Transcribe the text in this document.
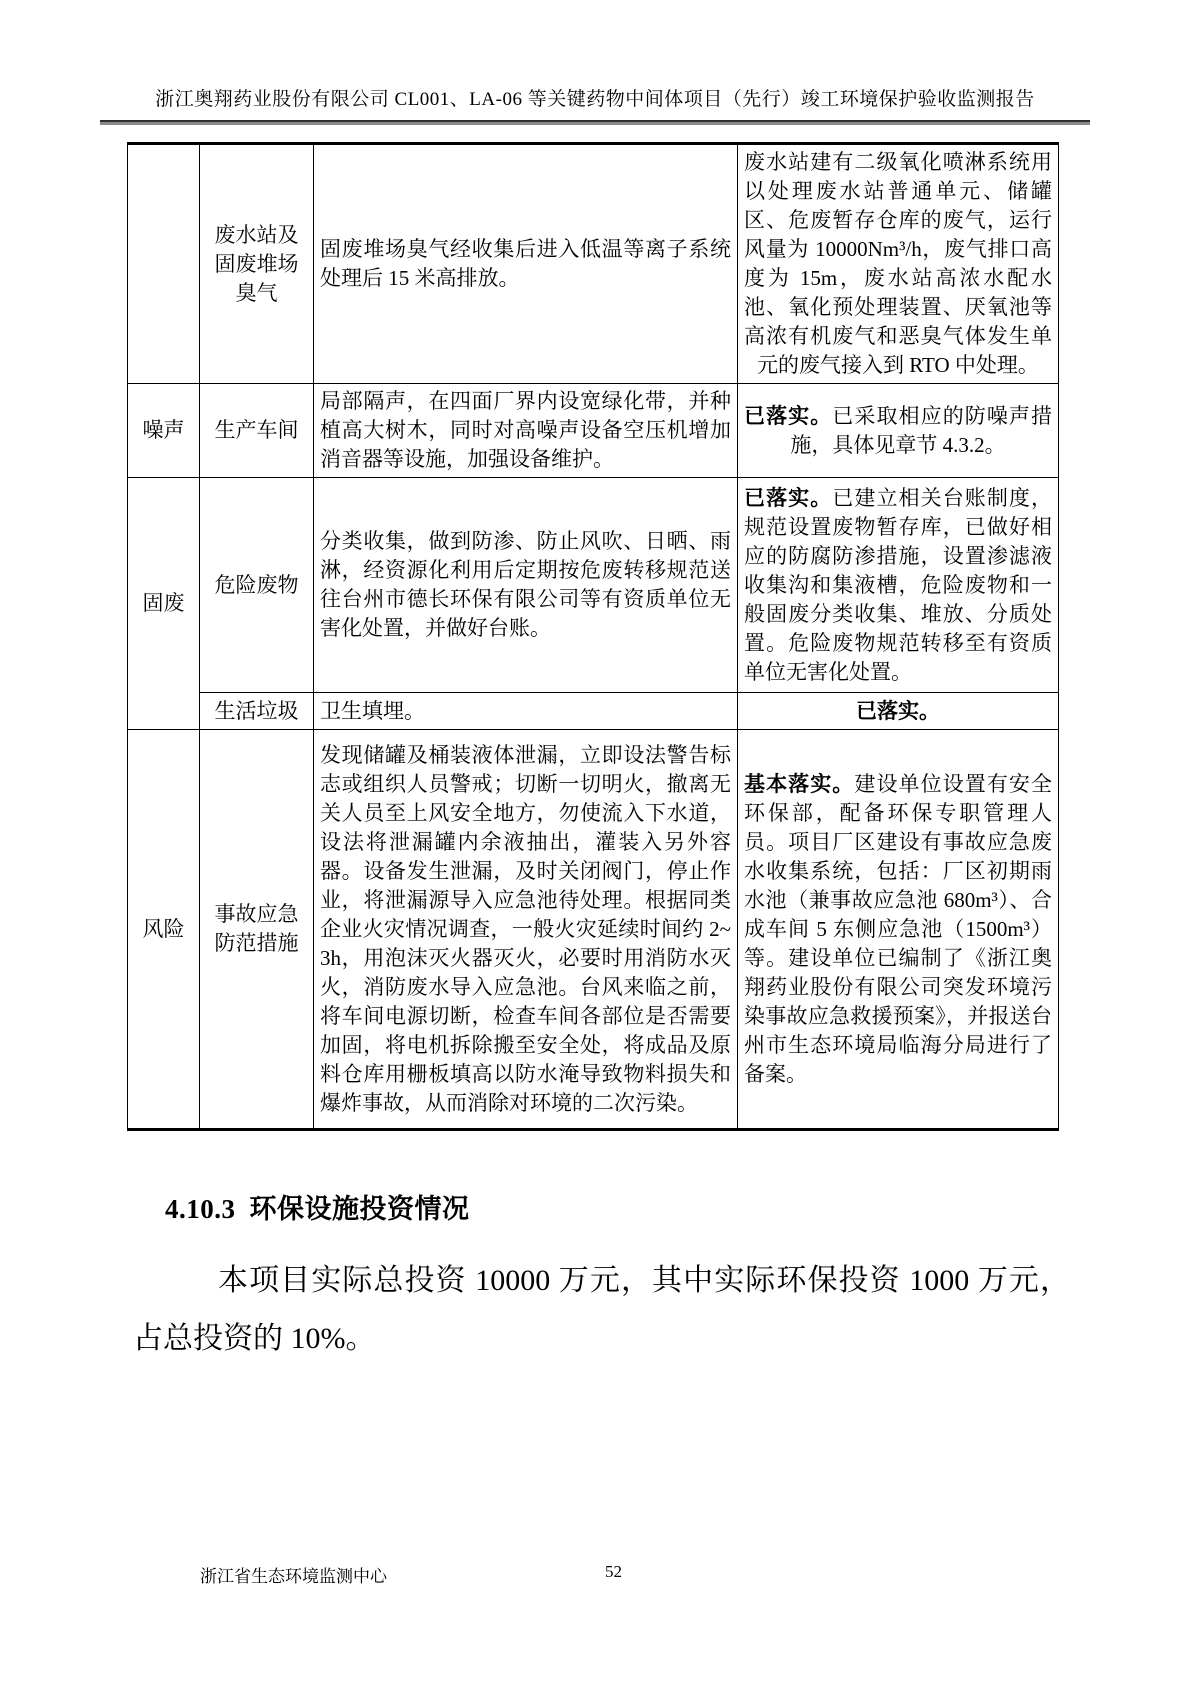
浙江奥翔药业股份有限公司 CL001、LA-06 等关键药物中间体项目（先行）竣工环境保护验收监测报告
	废水站及固废堆场臭气	固废堆场臭气经收集后进入低温等离子系统处理后 15 米高排放。	废水站建有二级氧化喷淋系统用以处理废水站普通单元、储罐区、危废暂存仓库的废气，运行风量为 10000Nm³/h，废气排口高度为 15m，废水站高浓水配水池、氧化预处理装置、厌氧池等高浓有机废气和恶臭气体发生单元的废气接入到 RTO 中处理。
噪声	生产车间	局部隔声，在四面厂界内设宽绿化带，并种植高大树木，同时对高噪声设备空压机增加消音器等设施，加强设备维护。	已落实。已采取相应的防噪声措施，具体见章节 4.3.2。
固废	危险废物	分类收集，做到防渗、防止风吹、日晒、雨淋，经资源化利用后定期按危废转移规范送往台州市德长环保有限公司等有资质单位无害化处置，并做好台账。	已落实。已建立相关台账制度，规范设置废物暂存库，已做好相应的防腐防渗措施，设置渗滤液收集沟和集液槽，危险废物和一般固废分类收集、堆放、分质处置。危险废物规范转移至有资质单位无害化处置。
	生活垃圾	卫生填埋。	已落实。
风险	事故应急防范措施	发现储罐及桶装液体泄漏，立即设法警告标志或组织人员警戒；切断一切明火，撤离无关人员至上风安全地方，勿使流入下水道，设法将泄漏罐内余液抽出，灌装入另外容器。设备发生泄漏，及时关闭阀门，停止作业，将泄漏源导入应急池待处理。根据同类企业火灾情况调查，一般火灾延续时间约 2~3h，用泡沫灭火器灭火，必要时用消防水灭火，消防废水导入应急池。台风来临之前，将车间电源切断，检查车间各部位是否需要加固，将电机拆除搬至安全处，将成品及原料仓库用栅板填高以防水淹导致物料损失和爆炸事故，从而消除对环境的二次污染。	基本落实。建设单位设置有安全环保部，配备环保专职管理人员。项目厂区建设有事故应急废水收集系统，包括：厂区初期雨水池（兼事故应急池 680m³）、合成车间 5 东侧应急池（1500m³）等。建设单位已编制了《浙江奥翔药业股份有限公司突发环境污染事故应急救援预案》，并报送台州市生态环境局临海分局进行了备案。
4.10.3 环保设施投资情况

本项目实际总投资 10000 万元，其中实际环保投资 1000 万元，占总投资的 10%。

浙江省生态环境监测中心	52
